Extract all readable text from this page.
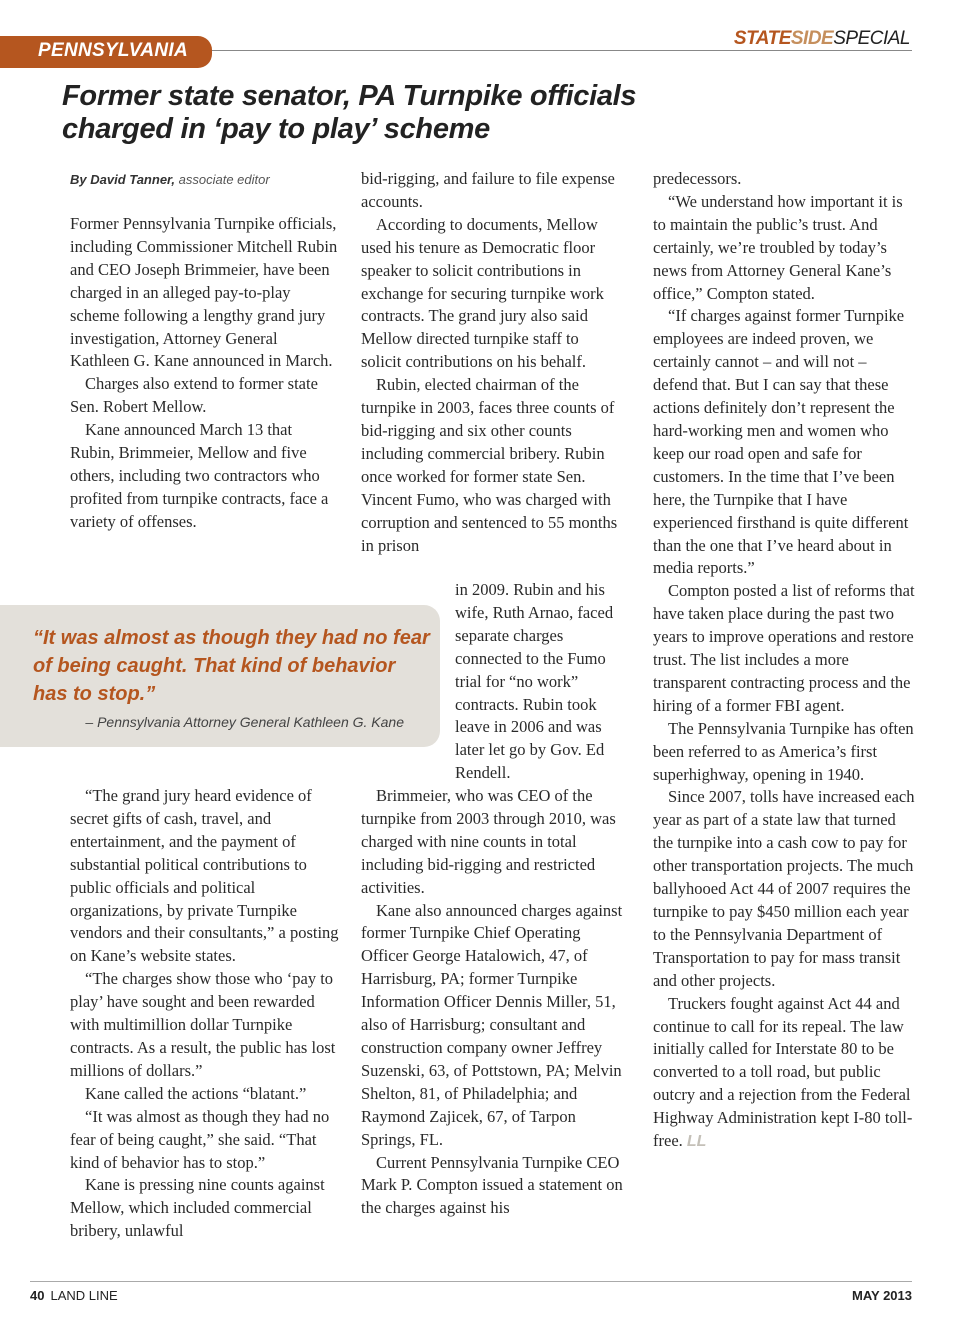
PENNSYLVANIA
STATESIDESPECIAL
Former state senator, PA Turnpike officials
charged in ‘pay to play’ scheme
By David Tanner, associate editor

Former Pennsylvania Turnpike officials, including Commissioner Mitchell Rubin and CEO Joseph Brimmeier, have been charged in an alleged pay-to-play scheme following a lengthy grand jury investigation, Attorney General Kathleen G. Kane announced in March.

Charges also extend to former state Sen. Robert Mellow.

Kane announced March 13 that Rubin, Brimmeier, Mellow and five others, including two contractors who profited from turnpike contracts, face a variety of offenses.

“It was almost as though they had no fear of being caught. That kind of behavior has to stop.”
– Pennsylvania Attorney General Kathleen G. Kane

“The grand jury heard evidence of secret gifts of cash, travel, and entertainment, and the payment of substantial political contributions to public officials and political organizations, by private Turnpike vendors and their consultants,” a posting on Kane’s website states.

“The charges show those who ‘pay to play’ have sought and been rewarded with multimillion dollar Turnpike contracts. As a result, the public has lost millions of dollars.”

Kane called the actions “blatant.”

“It was almost as though they had no fear of being caught,” she said. “That kind of behavior has to stop.”

Kane is pressing nine counts against Mellow, which included commercial bribery, unlawful

bid-rigging, and failure to file expense accounts.

According to documents, Mellow used his tenure as Democratic floor speaker to solicit contributions in exchange for securing turnpike work contracts. The grand jury also said Mellow directed turnpike staff to solicit contributions on his behalf.

Rubin, elected chairman of the turnpike in 2003, faces three counts of bid-rigging and six other counts including commercial bribery. Rubin once worked for former state Sen. Vincent Fumo, who was charged with corruption and sentenced to 55 months in prison

in 2009. Rubin and his wife, Ruth Arnao, faced separate charges connected to the Fumo trial for “no work” contracts. Rubin took leave in 2006 and was later let go by Gov. Ed Rendell.

Brimmeier, who was CEO of the turnpike from 2003 through 2010, was charged with nine counts in total including bid-rigging and restricted activities.

Kane also announced charges against former Turnpike Chief Operating Officer George Hatalowich, 47, of Harrisburg, PA; former Turnpike Information Officer Dennis Miller, 51, also of Harrisburg; consultant and construction company owner Jeffrey Suzenski, 63, of Pottstown, PA; Melvin Shelton, 81, of Philadelphia; and Raymond Zajicek, 67, of Tarpon Springs, FL.

Current Pennsylvania Turnpike CEO Mark P. Compton issued a statement on the charges against his

predecessors.

“We understand how important it is to maintain the public’s trust. And certainly, we’re troubled by today’s news from Attorney General Kane’s office,” Compton stated.

“If charges against former Turnpike employees are indeed proven, we certainly cannot – and will not – defend that. But I can say that these actions definitely don’t represent the hard-working men and women who keep our road open and safe for customers. In the time that I’ve been here, the Turnpike that I have experienced firsthand is quite different than the one that I’ve heard about in media reports.”

Compton posted a list of reforms that have taken place during the past two years to improve operations and restore trust. The list includes a more transparent contracting process and the hiring of a former FBI agent.

The Pennsylvania Turnpike has often been referred to as America’s first superhighway, opening in 1940.

Since 2007, tolls have increased each year as part of a state law that turned the turnpike into a cash cow to pay for other transportation projects. The much ballyhooed Act 44 of 2007 requires the turnpike to pay $450 million each year to the Pennsylvania Department of Transportation to pay for mass transit and other projects.

Truckers fought against Act 44 and continue to call for its repeal. The law initially called for Interstate 80 to be converted to a toll road, but public outcry and a rejection from the Federal Highway Administration kept I-80 toll-free. LL

40 LAND LINE	MAY 2013
